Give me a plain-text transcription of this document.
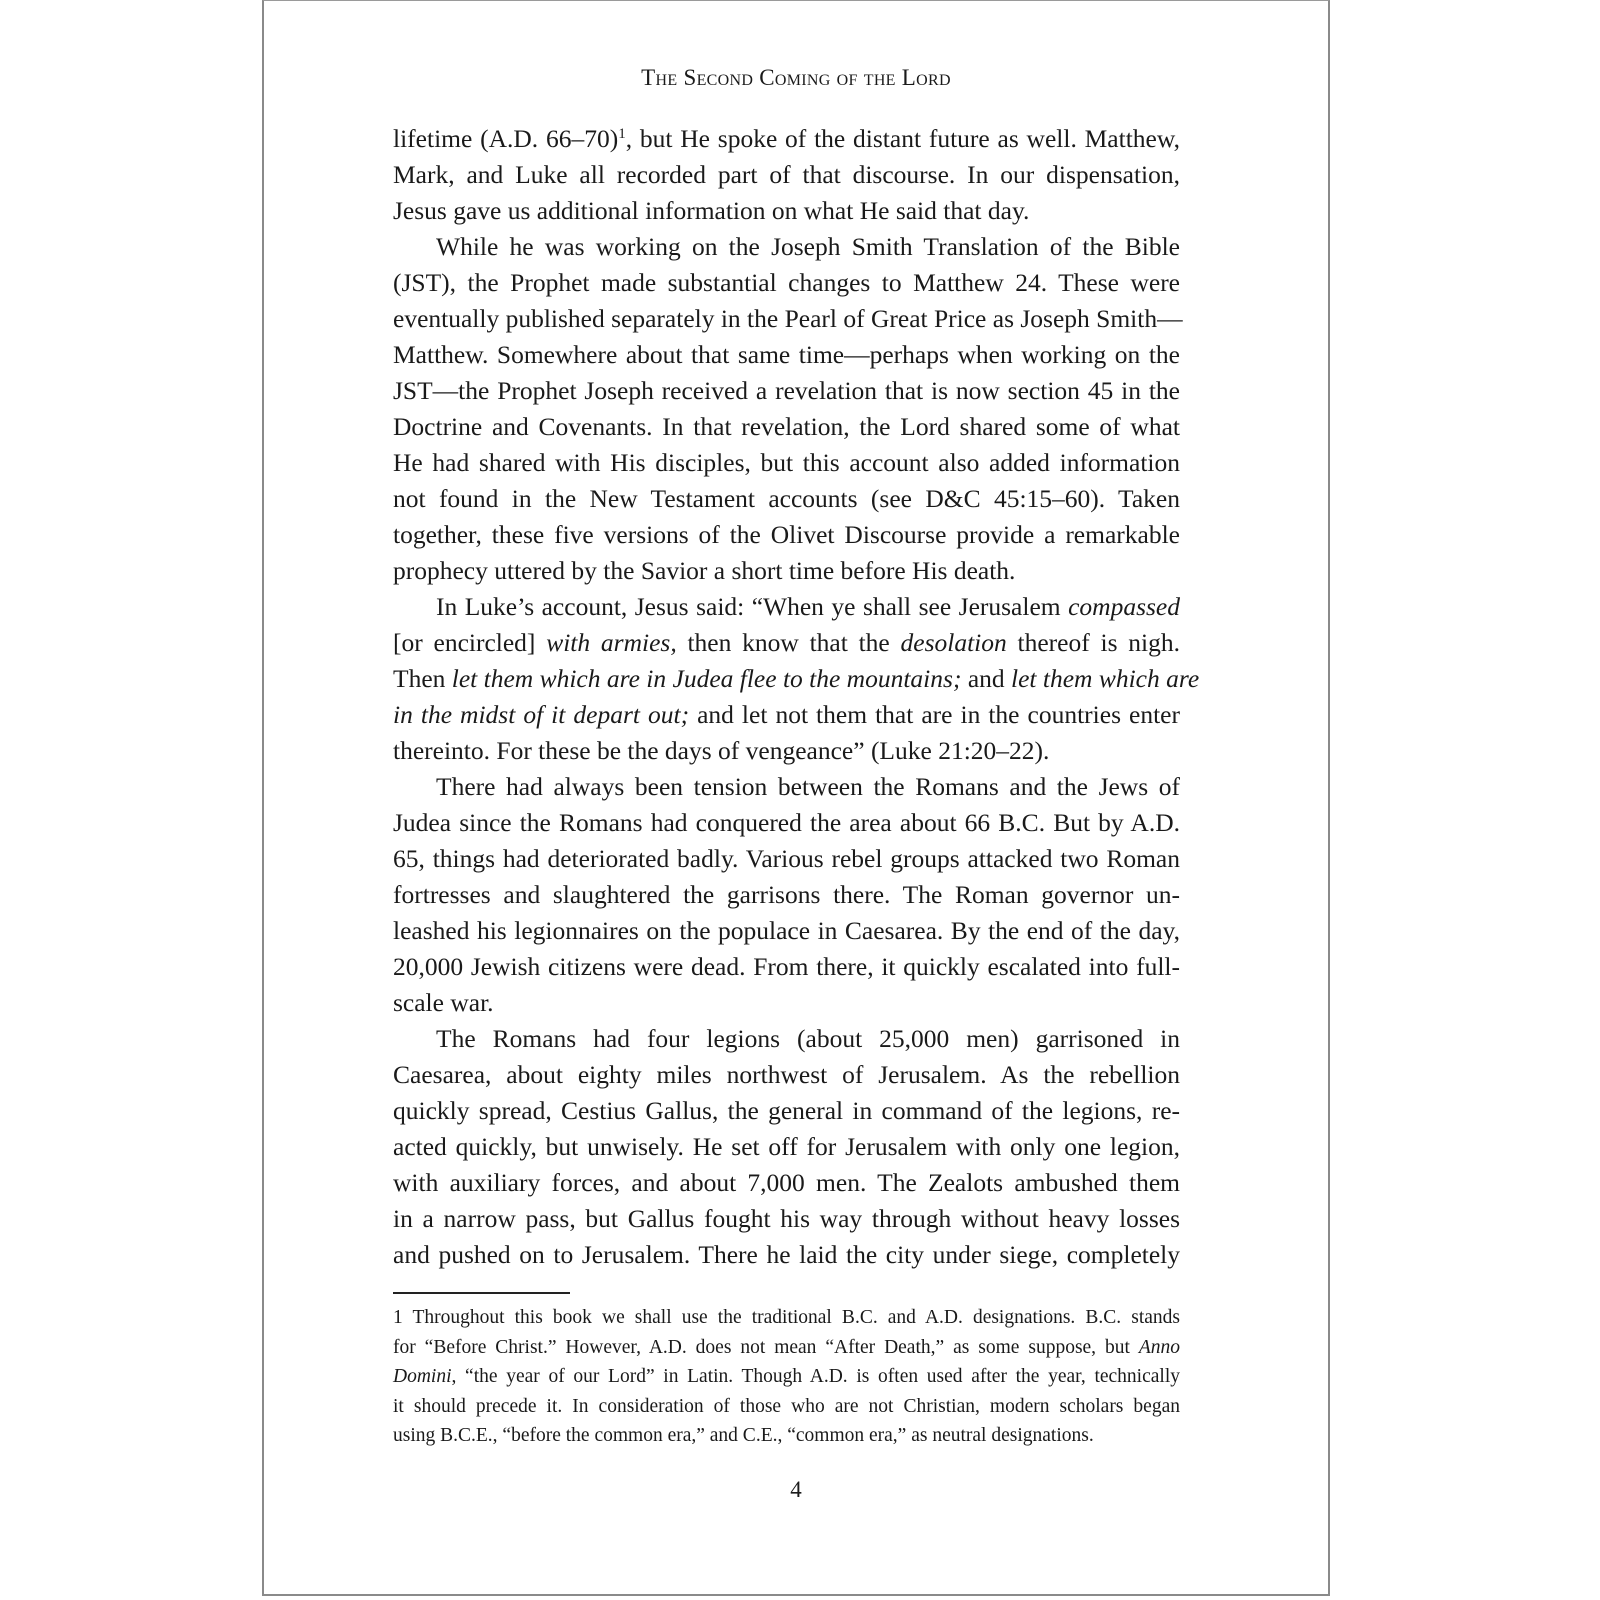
The Second Coming of the Lord
lifetime (A.D. 66–70)$^1$, but He spoke of the distant future as well. Matthew,
Mark, and Luke all recorded part of that discourse. In our dispensation,
Jesus gave us additional information on what He said that day.
While he was working on the Joseph Smith Translation of the Bible
(JST), the Prophet made substantial changes to Matthew 24. These were
eventually published separately in the Pearl of Great Price as Joseph Smith—
Matthew. Somewhere about that same time—perhaps when working on the
JST—the Prophet Joseph received a revelation that is now section 45 in the
Doctrine and Covenants. In that revelation, the Lord shared some of what
He had shared with His disciples, but this account also added information
not found in the New Testament accounts (see D&C 45:15–60). Taken
together, these five versions of the Olivet Discourse provide a remarkable
prophecy uttered by the Savior a short time before His death.
In Luke’s account, Jesus said: “When ye shall see Jerusalem compassed
[or encircled] with armies, then know that the desolation thereof is nigh.
Then let them which are in Judea flee to the mountains; and let them which are
in the midst of it depart out; and let not them that are in the countries enter
thereinto. For these be the days of vengeance” (Luke 21:20–22).
There had always been tension between the Romans and the Jews of
Judea since the Romans had conquered the area about 66 B.C. But by A.D.
65, things had deteriorated badly. Various rebel groups attacked two Roman
fortresses and slaughtered the garrisons there. The Roman governor un-
leashed his legionnaires on the populace in Caesarea. By the end of the day,
20,000 Jewish citizens were dead. From there, it quickly escalated into full-
scale war.
The Romans had four legions (about 25,000 men) garrisoned in
Caesarea, about eighty miles northwest of Jerusalem. As the rebellion
quickly spread, Cestius Gallus, the general in command of the legions, re-
acted quickly, but unwisely. He set off for Jerusalem with only one legion,
with auxiliary forces, and about 7,000 men. The Zealots ambushed them
in a narrow pass, but Gallus fought his way through without heavy losses
and pushed on to Jerusalem. There he laid the city under siege, completely
1 Throughout this book we shall use the traditional B.C. and A.D. designations. B.C. stands
for “Before Christ.” However, A.D. does not mean “After Death,” as some suppose, but Anno
Domini, “the year of our Lord” in Latin. Though A.D. is often used after the year, technically
it should precede it. In consideration of those who are not Christian, modern scholars began
using B.C.E., “before the common era,” and C.E., “common era,” as neutral designations.
4
